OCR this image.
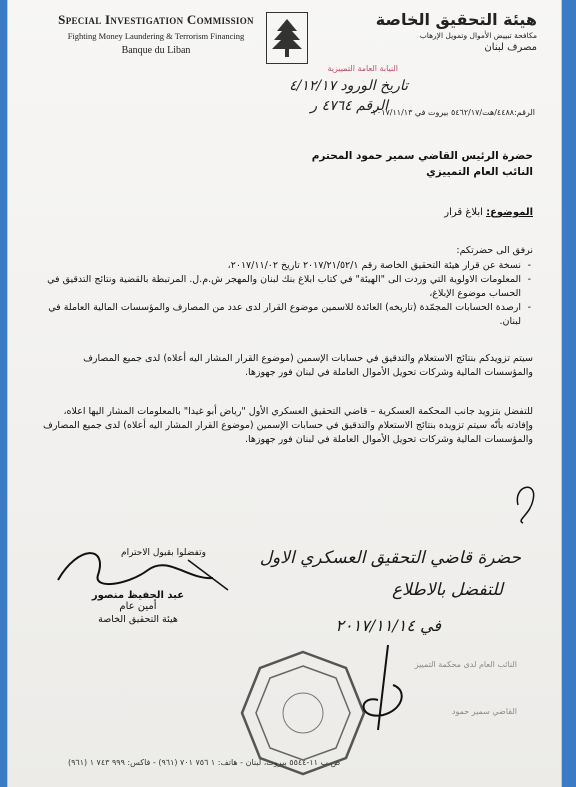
Special Investigation Commission
Fighting Money Laundering & Terrorism Financing
Banque du Liban
هيئة التحقيق الخاصة
مكافحة تبييض الأموال وتمويل الإرهاب
مصرف لبنان
النيابة العامة التمييزية
تاريخ الورود ٤/١٢/١٧
الرقم ٤٧٦٤ ر
الرقم:٤٤٨٨/هت/٥٤٦٢/١٧ بيروت في ٢٠١٧/١١/١٣
حضرة الرئيس القاضي سمير حمود المحترم
النائب العام التمييزي
الموضوع: ابلاغ قرار
نرفق الى حضرتكم:
- نسخة عن قرار هيئة التحقيق الخاصة رقم ٢٠١٧/٢١/٥٢/١ تاريخ ٢٠١٧/١١/٠٢،
- المعلومات الاولوية التي وردت الى "الهيئة" في كتاب ابلاغ بنك لبنان والمهجر ش.م.ل. المرتبطة بالقضية ونتائج التدقيق في الحساب موضوع الإبلاغ،
- ارصدة الحسابات المجمّدة (تاريخه) العائدة للاسمين موضوع القرار لدى عدد من المصارف والمؤسسات المالية العاملة في لبنان.
سيتم تزويدكم بنتائج الاستعلام والتدقيق في حسابات الإسمين (موضوع القرار المشار اليه أعلاه) لدى جميع المصارف والمؤسسات المالية وشركات تحويل الأموال العاملة في لبنان فور جهوزها.
للتفضل بتزويد جانب المحكمة العسكرية – قاضي التحقيق العسكري الأول "رياض أبو غيدا" بالمعلومات المشار اليها اعلاه، وإفادته بأنّه سيتم تزويده بنتائج الاستعلام والتدقيق في حسابات الإسمين (موضوع القرار المشار اليه أعلاه) لدى جميع المصارف والمؤسسات المالية وشركات تحويل الأموال العاملة في لبنان فور جهوزها.
وتفضلوا بقبول الاحترام
عبد الحفيظ منصور
أمين عام
هيئة التحقيق الخاصة
حضرة قاضي التحقيق العسكري الاول
للتفضل بالاطلاع
في ٢٠١٧/١١/١٤
النائب العام لدى محكمة التمييز
القاضي سمير حمود
ص.ب ١١-٥٥٤٤ بيروت، لبنان - هاتف: ١ ٧٥٦ ٧٠١ (٩٦١) - فاكس: ٩٩٩ ٧٤٣ ١ (٩٦١)
